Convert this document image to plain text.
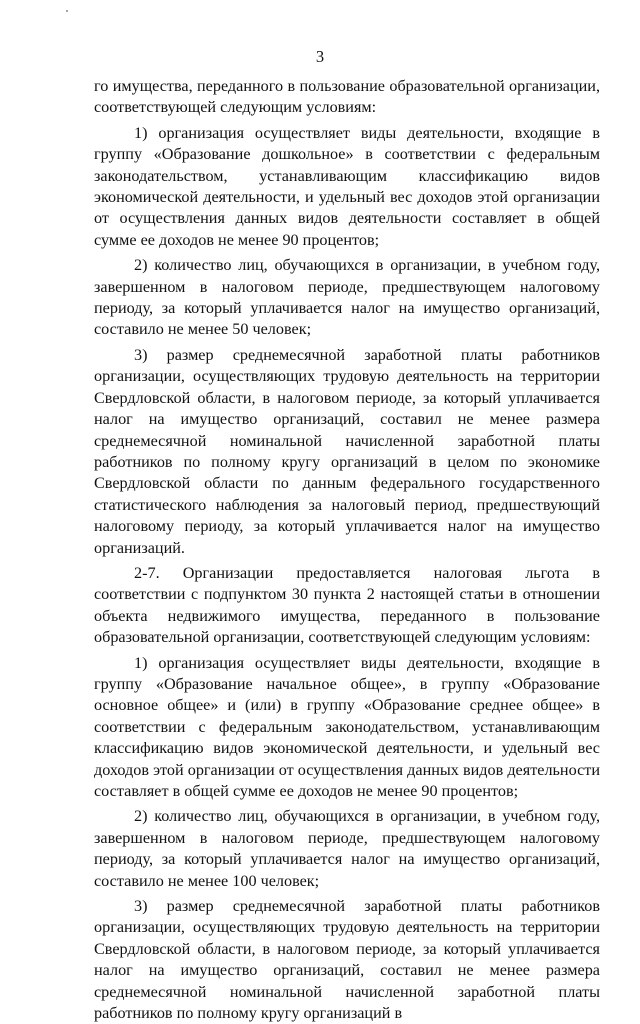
3

го имущества, переданного в пользование образовательной организации, соответствующей следующим условиям:

1) организация осуществляет виды деятельности, входящие в группу «Образование дошкольное» в соответствии с федеральным законодательством, устанавливающим классификацию видов экономической деятельности, и удельный вес доходов этой организации от осуществления данных видов деятельности составляет в общей сумме ее доходов не менее 90 процентов;

2) количество лиц, обучающихся в организации, в учебном году, завершенном в налоговом периоде, предшествующем налоговому периоду, за который уплачивается налог на имущество организаций, составило не менее 50 человек;

3) размер среднемесячной заработной платы работников организации, осуществляющих трудовую деятельность на территории Свердловской области, в налоговом периоде, за который уплачивается налог на имущество организаций, составил не менее размера среднемесячной номинальной начисленной заработной платы работников по полному кругу организаций в целом по экономике Свердловской области по данным федерального государственного статистического наблюдения за налоговый период, предшествующий налоговому периоду, за который уплачивается налог на имущество организаций.

2-7. Организации предоставляется налоговая льгота в соответствии с подпунктом 30 пункта 2 настоящей статьи в отношении объекта недвижимого имущества, переданного в пользование образовательной организации, соответствующей следующим условиям:

1) организация осуществляет виды деятельности, входящие в группу «Образование начальное общее», в группу «Образование основное общее» и (или) в группу «Образование среднее общее» в соответствии с федеральным законодательством, устанавливающим классификацию видов экономической деятельности, и удельный вес доходов этой организации от осуществления данных видов деятельности составляет в общей сумме ее доходов не менее 90 процентов;

2) количество лиц, обучающихся в организации, в учебном году, завершенном в налоговом периоде, предшествующем налоговому периоду, за который уплачивается налог на имущество организаций, составило не менее 100 человек;

3) размер среднемесячной заработной платы работников организации, осуществляющих трудовую деятельность на территории Свердловской области, в налоговом периоде, за который уплачивается налог на имущество организаций, составил не менее размера среднемесячной номинальной начисленной заработной платы работников по полному кругу организаций в
